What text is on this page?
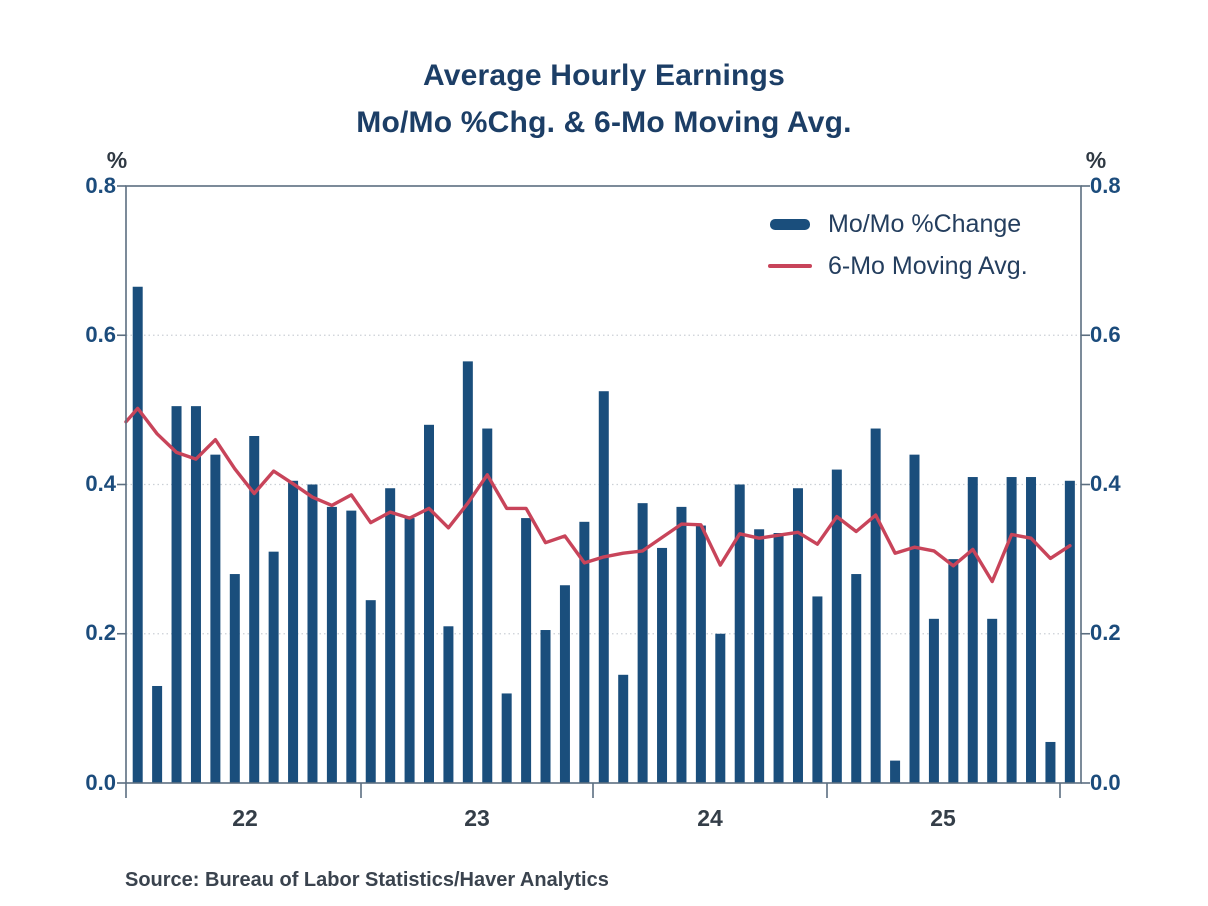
Average Hourly Earnings
Mo/Mo %Chg. & 6-Mo Moving Avg.
%	%
0.8
0.6
0.4
0.2
0.0
0.8
0.6
0.4
0.2
0.0
22	23	24	25
Mo/Mo %Change
6-Mo Moving Avg.
Source: Bureau of Labor Statistics/Haver Analytics
